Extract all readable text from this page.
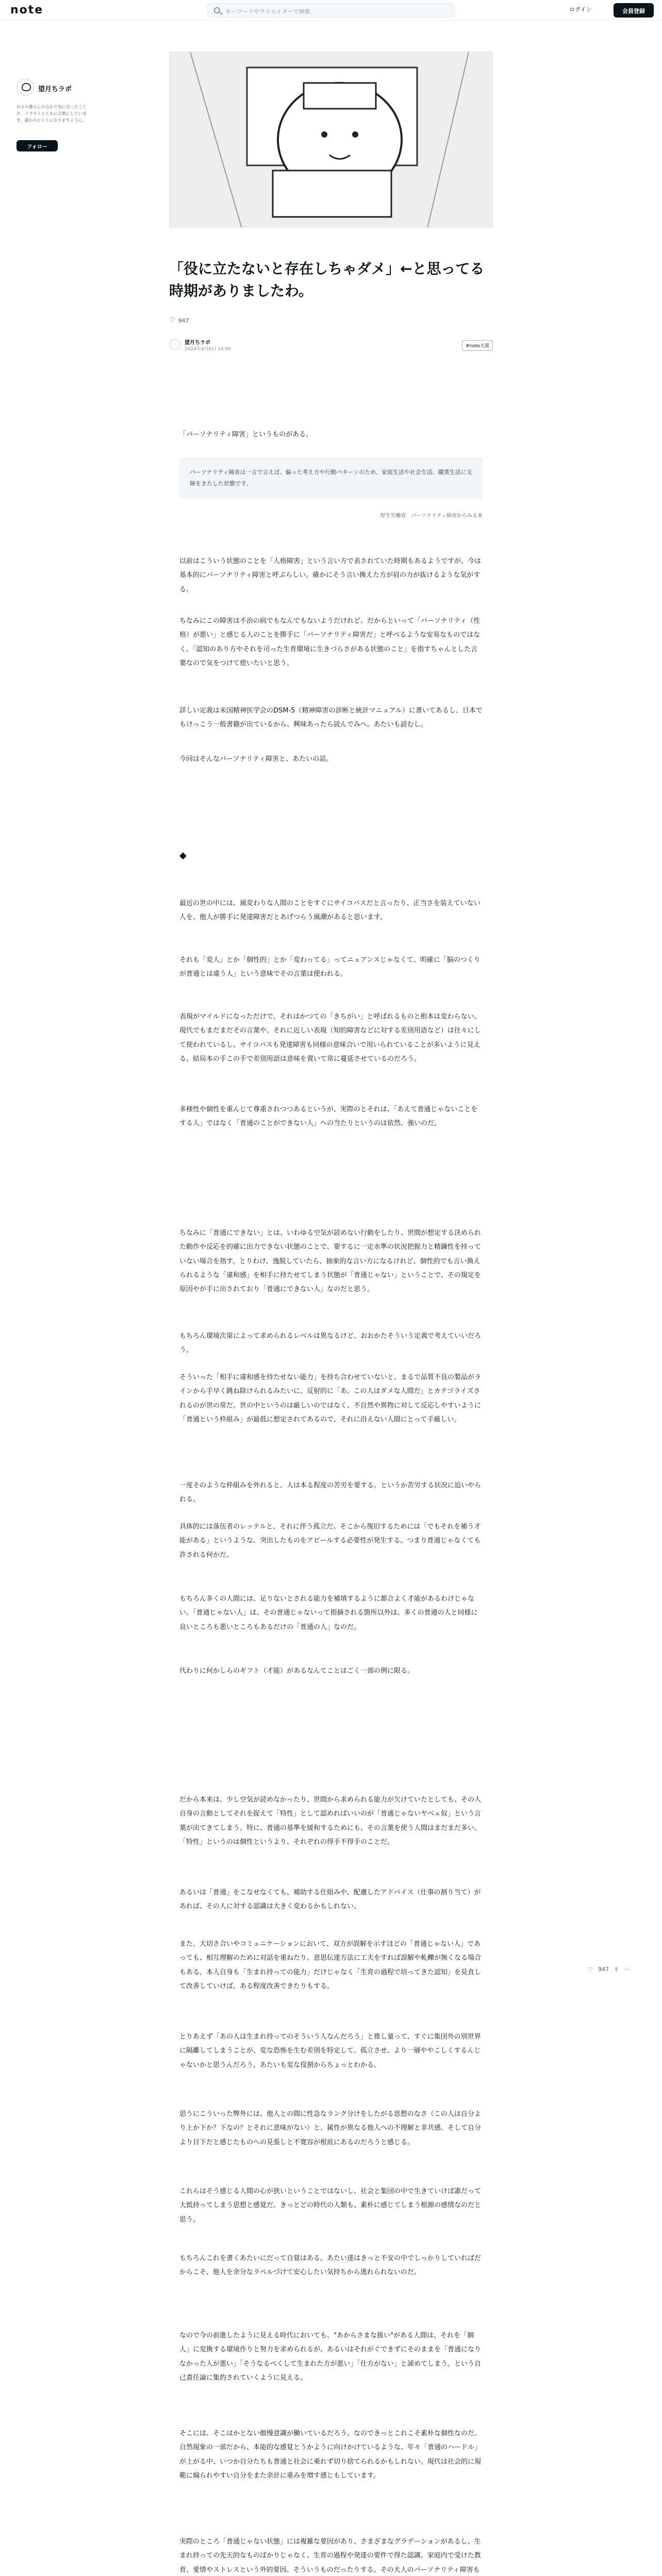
note	キーワードやクリエイターで検索	ログイン	会員登録
望月ちラボ
日々の暮らしのなかで気になったことを、イラストとともに言葉にしています。誰かのヒントになりますように。
フォロー
「役に立たないと存在しちゃダメ」←と思ってる時期がありましたわ。
♡ 947
望月ちラボ
2024年4月6日 14:00
#note大賞

「パーソナリティ障害」というものがある。

パーソナリティ障害は一言で言えば、偏った考え方や行動パターンのため、家庭生活や社会生活、職業生活に支障をきたした状態です。
厚生労働省　パーソナリティ障害からみる本

以前はこういう状態のことを「人格障害」という言い方で表されていた時期もあるようですが、今は基本的にパーソナリティ障害と呼ぶらしい。確かにそう言い換えた方が肩の力が抜けるような気がする。

ちなみにこの障害は不治の病でもなんでもないようだけれど、だからといって「パーソナリティ（性格）が悪い」と感じる人のことを勝手に「パーソナリティ障害だ」と呼べるような安易なものではなく、「認知のあり方やそれを司った生育環境に生きづらさがある状態のこと」を指すちゃんとした言葉なので気をつけて使いたいと思う。

詳しい定義は米国精神医学会のDSM-5（精神障害の診断と統計マニュアル）に書いてあるし、日本でもけっこう一般書籍が出ているから、興味あったら読んでみへ。あたいも読むし。

今回はそんなパーソナリティ障害と、あたいの話。

◆

最近の世の中には、風変わりな人間のことをすぐにサイコパスだと言ったり、正当さを装えていない人を、他人が勝手に発達障害だとあげつらう風潮があると思います。

それも「変人」とか「個性的」とか「変わってる」ってニュアンスじゃなくて、明確に「脳のつくりが普通とは違う人」という意味でその言葉は使われる。

表現がマイルドになっただけで、それはかつての「きちがい」と呼ばれるものと根本は変わらない。現代でもまだまだその言葉や、それに近しい表現（知的障害などに対する差別用語など）は往々にして使われているし、サイコパスも発達障害も同様の意味合いで用いられていることが多いように見える。結局本の手この手で差別用語は意味を置いて常に蔓延させているのだろう。

多様性や個性を重んじて尊重されつつあるというが、実際のとそれは、「あえて普通じゃないことをする人」ではなく「普通のことができない人」への当たりというのは依然、強いのだ。

ちなみに「普通にできない」とは、いわゆる空気が読めない行動をしたり、世間が想定する決められた動作や反応を的確に出力できない状態のことで、要するに一定水準の状況把握力と精錬性を持っていない場合を指す。とりわけ、逸脱していたら、抽象的な言い方になるけれど、個性的でも言い換えられるような「違和感」を相手に持たせてしまう状態が「普通じゃない」ということで、その規定を原因やが手に出されており「普通にできない人」なのだと思う。

もちろん環境次第によって求められるレベルは異なるけど、おおかたそういう定義で考えていいだろう。

そういった「相手に違和感を持たせない能力」を持ち合わせていないと、まるで品質不良の製品がラインから手早く跳ね除けられるみたいに、反射的に「あ、この人はダメな人間だ」とカテゴライズされるのが世の常だ。世の中というのは厳しいのではなく、不自然や異物に対して反応しやすいように「普通という枠組み」が最低に想定されてあるので、それに沿えない人間にとって手厳しい。

一度そのような枠組みを外れると、人は本る程度の苦労を要する。というか苦労する状況に追いやられる。

具体的には落伍者のレッテルと、それに伴う孤立だ。そこから復旧するためには「でもそれを補う才能がある」というような、突出したものをアピールする必要性が発生する。つまり普通じゃなくても許される何かだ。

もちろん多くの人間には、足りないとされる能力を補填するように都合よく才能があるわけじゃない。「普通じゃない人」は、その普通じゃないって指摘される箇所以外は、多くの普通の人と同様に良いところも悪いところもあるだけの「普通の人」なのだ。

代わりに何かしらのギフト（才能）があるなんてことはごく一部の例に限る。

だから本来は、少し空気が読めなかったり、世間から求められる能力が欠けていたとしても、その人自身の言動としてそれを捉えて「特性」として認めればいいのが「普通じゃないヤベェ奴」という言葉が出てきてしまう。特に、普通の基準を緩和するためにも、その言葉を使う人間はまだまだ多い。「特性」というのは個性というより、それぞれの得手不得手のことだ。

あるいは「普通」をこなせなくても、補助する仕組みや、配慮したアドバイス（仕事の割り当て）があれば、その人に対する認識は大きく変わるかもしれない。

また、大切さ合いやコミュニケーションにおいて、双方が誤解を示すほどの「普通じゃない人」であっても、相互理解のために対話を重ねたり、意思伝達方法に工夫をすれば誤解や軋轢が無くなる場合もある。本人自身も「生まれ持っての能力」だけじゃなく「生育の過程で培ってきた認知」を見直して改善していけば、ある程度改善できたりもする。

とりあえず「あの人は生まれ持ってのそういう人なんだろう」と推し量って、すぐに集団外の別世界に隔離してしまうことが、変な恐怖を生む差別を特定して、孤立させ、より一層ややこしくするんじゃないかと思うんだろう。あたいも変な役割からちょっとわかる。

思うにこういった弊外には、他人との間に性急なランク分けをしたがる思想のなさ（この人は自分より上か下か？下なの？とそれに意味がない）と、属性が異なる他人への不理解と非共感、そして自分より目下だと感じたものへの見張しと不寛容が根底にあるのだろうと感じる。

これらはそう感じる人間の心が狭いということではないし、社会と集団の中で生きていけば誰だって大抵持ってしまう思想と感覚だ。きっとどの時代の人類も、素朴に感じてしまう根源の感情なのだと思う。

もちろんこれを書くあたいにだって自覚はある。あたい達はきっと不安の中でしっかりしていればだからこそ、他人を余分なラベルづけて安心したい気持ちから逃れられないのだ。

なので今の前進したように見える時代においても、"あからさまな扱い"がある人間は、それを「個人」に変換する環境作りと努力を求められるが、あるいはそれがぐできずにそのままを「普通になりなかった人が悪い」「そうなるべくして生まれた方が悪い」「仕方がない」と諦めてしまう。という自己責任論に集約されていくように見える。

そこには、そこはかとない傲慢意識が働いているだろう。なのできっとこれこそ素朴な個性なのだ。自然現象の一部だから、本能的な感覚とうかように向けかけているような、年々「普通のハードル」が上がる中、いつか自分たちも普通と社会に乗れず切り捨てられるかもしれない。現代は社会的に規範に煽られやすい自分をまた余計に重みを増す感じもしています。

実際のところ「普通じゃない状態」には複雑な要因があり、さまざまなグラデーションがあるし、生まれ持っての先天的なものばかりじゃなく、生育の過程や発達の要件で得た認識、家庭内で受けた教育、愛情やストレスという外的要因、そういうものだったりする。その大人のパーソナリティ障害も

♡ 947 ⇪ ⋯
